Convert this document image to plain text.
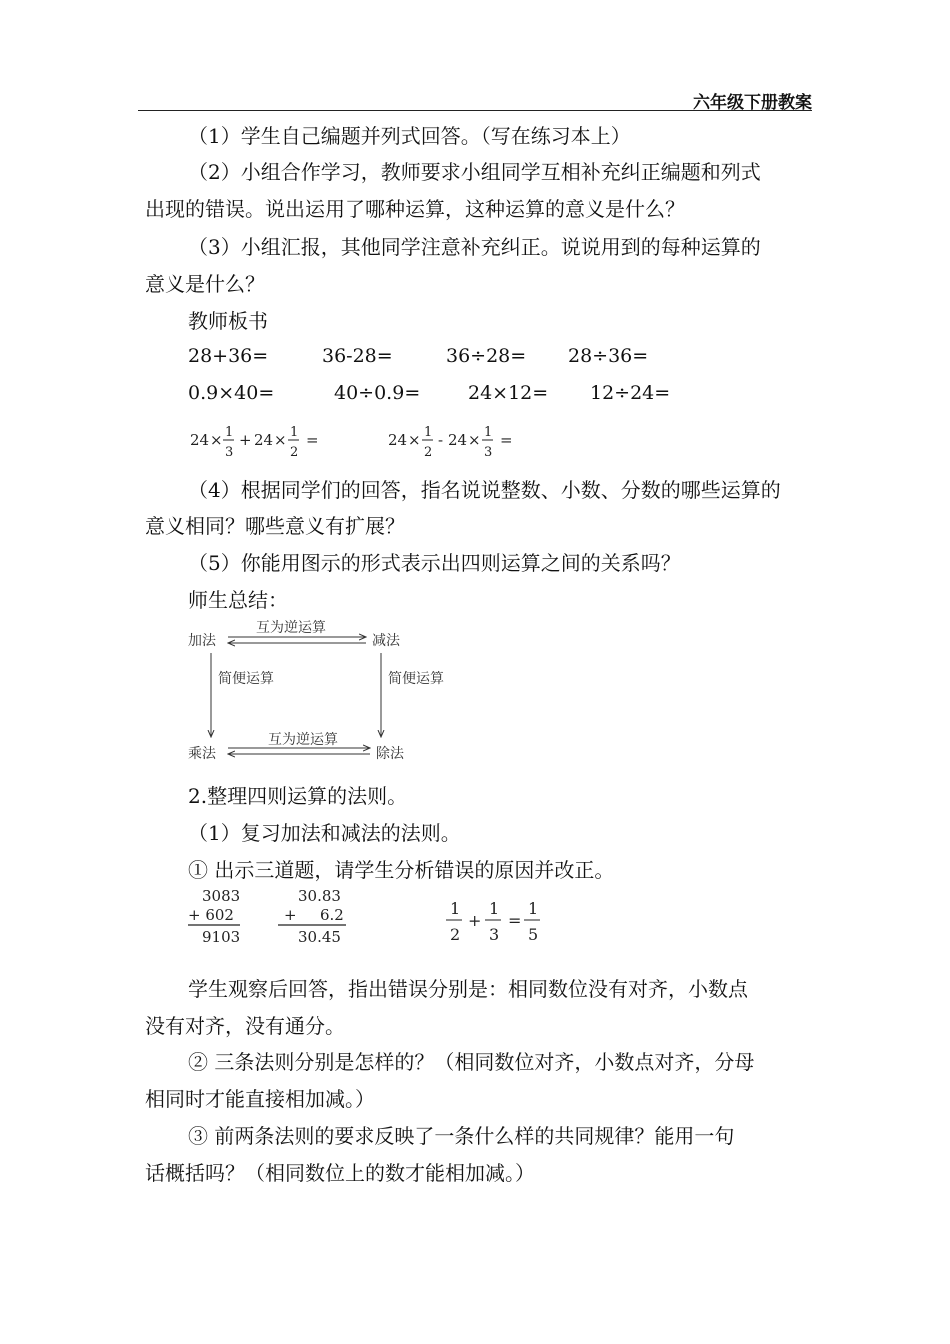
六年级下册教案
（1）学生自己编题并列式回答。（写在练习本上）
（2）小组合作学习，教师要求小组同学互相补充纠正编题和列式
出现的错误。说出运用了哪种运算，这种运算的意义是什么？
（3）小组汇报，其他同学注意补充纠正。说说用到的每种运算的
意义是什么？
教师板书
28+36=	36-28=	36÷28= 28÷36=
0.9×40=	40÷0.9=	24×12= 12÷24=
24 × 1
3
+ 24 × 1
2
=	24 × 1
2
- 24 × 1
3
=
（4）根据同学们的回答，指名说说整数、小数、分数的哪些运算的
意义相同？哪些意义有扩展？
（5）你能用图示的形式表示出四则运算之间的关系吗？
师生总结：
加法	减法
乘法	除法
互为逆运算
互为逆运算
简便运算	简便运算
2.整理四则运算的法则。
（1）复习加法和减法的法则。
① 出示三道题，请学生分析错误的原因并改正。
3083
+ 602
9103
30.83
+ 6.2
30.45
1
2
+
1
3
=
1
5
学生观察后回答，指出错误分别是：相同数位没有对齐，小数点
没有对齐，没有通分。
② 三条法则分别是怎样的？（相同数位对齐，小数点对齐，分母
相同时才能直接相加减。）
③ 前两条法则的要求反映了一条什么样的共同规律？能用一句
话概括吗？（相同数位上的数才能相加减。）
